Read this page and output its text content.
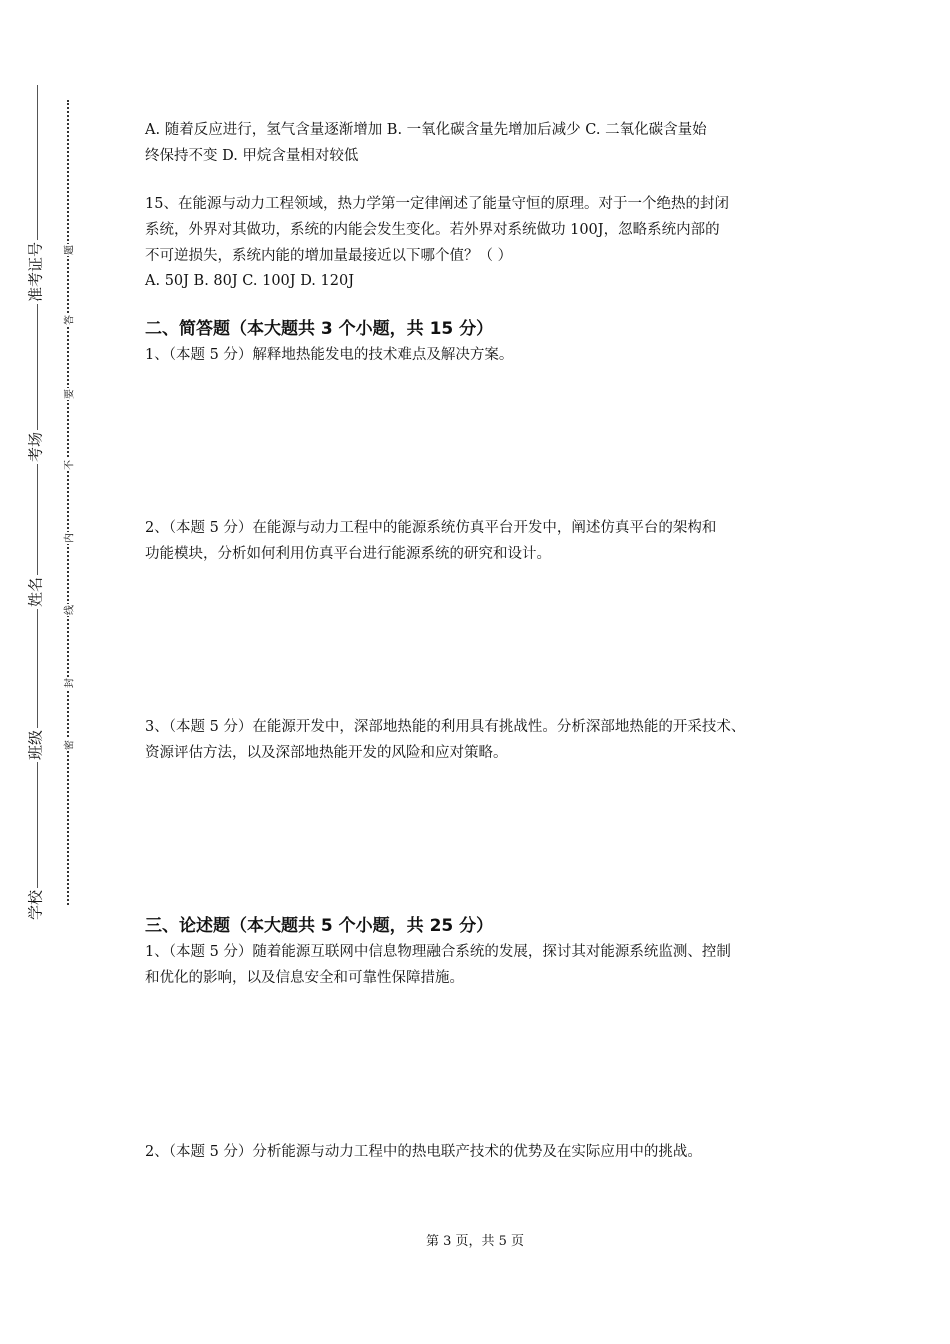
学校
班级
姓名
考场
准考证号
密
封
线
内
不
要
答
题
A. 随着反应进行，氢气含量逐渐增加 B. 一氧化碳含量先增加后减少 C. 二氧化碳含量始
终保持不变 D. 甲烷含量相对较低
15、在能源与动力工程领域，热力学第一定律阐述了能量守恒的原理。对于一个绝热的封闭
系统，外界对其做功，系统的内能会发生变化。若外界对系统做功 100J，忽略系统内部的
不可逆损失，系统内能的增加量最接近以下哪个值？（ ）
A. 50J B. 80J C. 100J D. 120J
二、简答题（本大题共 3 个小题，共 15 分）
1、（本题 5 分）解释地热能发电的技术难点及解决方案。
2、（本题 5 分）在能源与动力工程中的能源系统仿真平台开发中，阐述仿真平台的架构和
功能模块，分析如何利用仿真平台进行能源系统的研究和设计。
3、（本题 5 分）在能源开发中，深部地热能的利用具有挑战性。分析深部地热能的开采技术、
资源评估方法，以及深部地热能开发的风险和应对策略。
三、论述题（本大题共 5 个小题，共 25 分）
1、（本题 5 分）随着能源互联网中信息物理融合系统的发展，探讨其对能源系统监测、控制
和优化的影响，以及信息安全和可靠性保障措施。
2、（本题 5 分）分析能源与动力工程中的热电联产技术的优势及在实际应用中的挑战。
第 3 页，共 5 页
